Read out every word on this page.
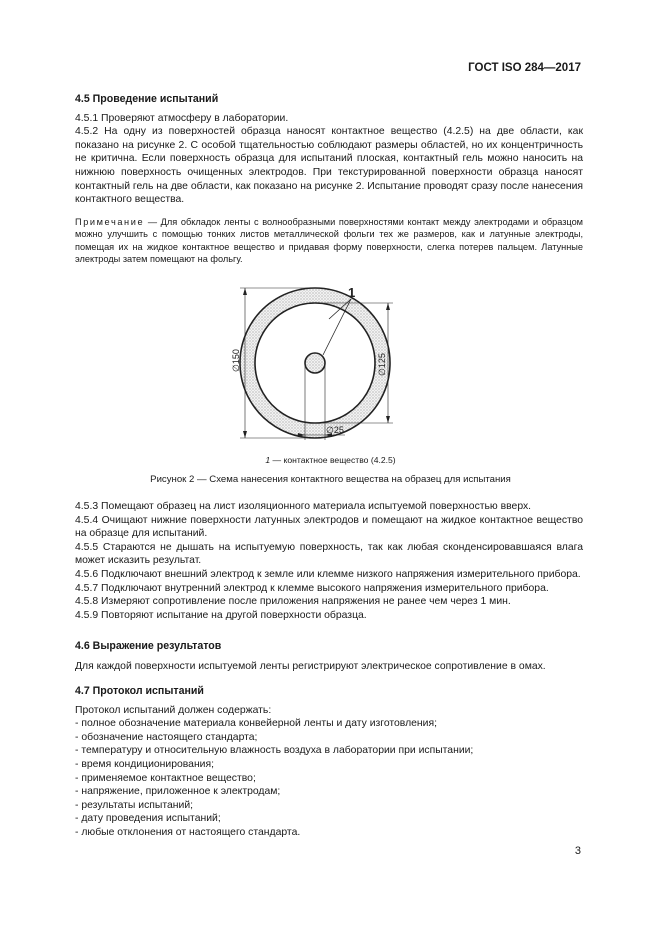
ГОСТ ISO 284—2017

4.5 Проведение испытаний

4.5.1 Проверяют атмосферу в лаборатории.

4.5.2 На одну из поверхностей образца наносят контактное вещество (4.2.5) на две области, как показано на рисунке 2. С особой тщательностью соблюдают размеры областей, но их концентричность не критична. Если поверхность образца для испытаний плоская, контактный гель можно наносить на нижнюю поверхность очищенных электродов. При текстурированной поверхности образца наносят контактный гель на две области, как показано на рисунке 2. Испытание проводят сразу после нанесения контактного вещества.

Примечание — Для обкладок ленты с волнообразными поверхностями контакт между электродами и образцом можно улучшить с помощью тонких листов металлической фольги тех же размеров, как и латунные электроды, помещая их на жидкое контактное вещество и придавая форму поверхности, слегка потерев пальцем. Латунные электроды затем помещают на фольгу.

∅150	∅125
∅25
1
1 — контактное вещество (4.2.5)
Рисунок 2 — Схема нанесения контактного вещества на образец для испытания

4.5.3 Помещают образец на лист изоляционного материала испытуемой поверхностью вверх.

4.5.4 Очищают нижние поверхности латунных электродов и помещают на жидкое контактное вещество на образце для испытаний.

4.5.5 Стараются не дышать на испытуемую поверхность, так как любая сконденсировавшаяся влага может исказить результат.

4.5.6 Подключают внешний электрод к земле или клемме низкого напряжения измерительного прибора.

4.5.7 Подключают внутренний электрод к клемме высокого напряжения измерительного прибора.

4.5.8 Измеряют сопротивление после приложения напряжения не ранее чем через 1 мин.

4.5.9 Повторяют испытание на другой поверхности образца.

4.6 Выражение результатов

Для каждой поверхности испытуемой ленты регистрируют электрическое сопротивление в омах.

4.7 Протокол испытаний

Протокол испытаний должен содержать:

- полное обозначение материала конвейерной ленты и дату изготовления;
- обозначение настоящего стандарта;
- температуру и относительную влажность воздуха в лаборатории при испытании;
- время кондиционирования;
- применяемое контактное вещество;
- напряжение, приложенное к электродам;
- результаты испытаний;
- дату проведения испытаний;
- любые отклонения от настоящего стандарта.
3
